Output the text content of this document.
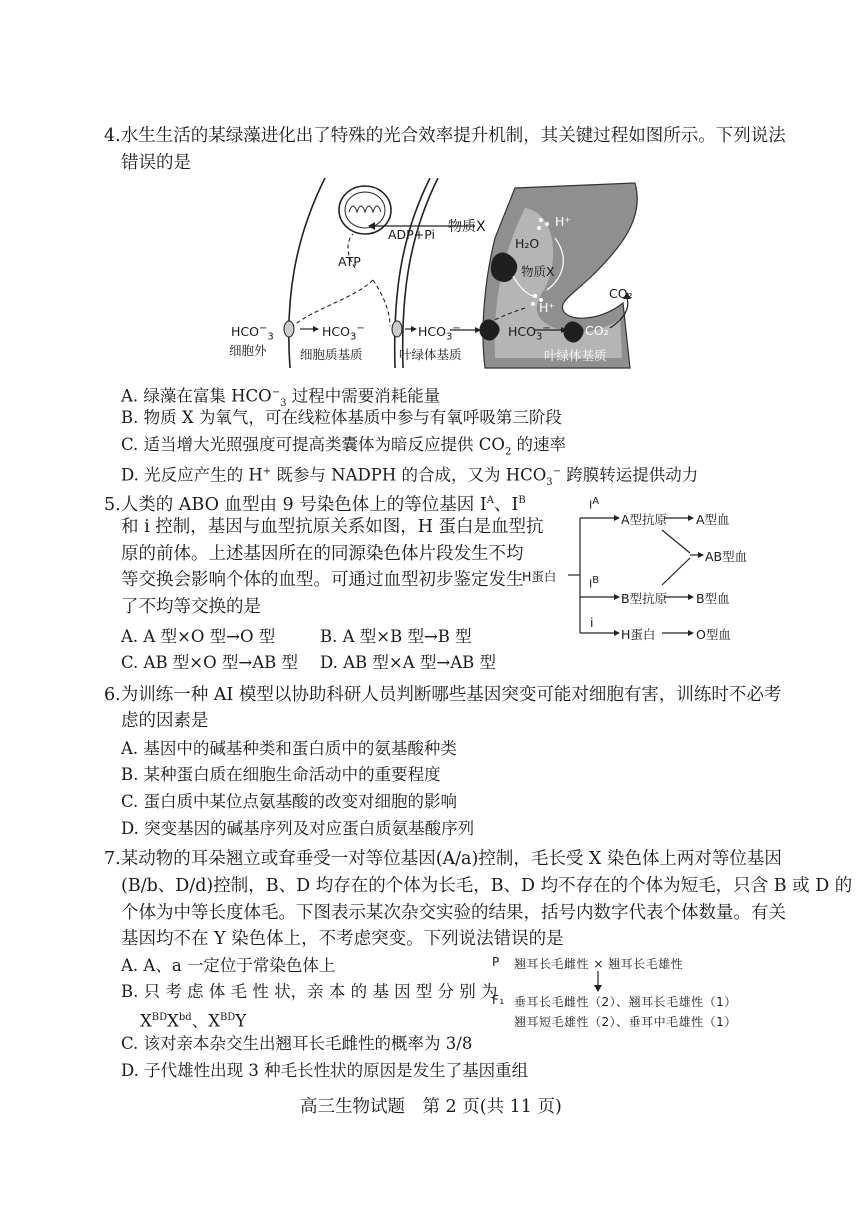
4.水生生活的某绿藻进化出了特殊的光合效率提升机制，其关键过程如图所示。下列说法
错误的是
物质X
ADP+Pi
ATP
$HCO^-_3$
细胞外
$HCO_3^-$
细胞质基质
$HCO_3^-$
叶绿体基质
H₂O
H⁺
物质X
H⁺
$HCO_3^-$	CO₂
CO₂
叶绿体基质
A. 绿藻在富集 $HCO^-_3$ 过程中需要消耗能量
B. 物质 X 为氧气，可在线粒体基质中参与有氧呼吸第三阶段
C. 适当增大光照强度可提高类囊体为暗反应提供 $CO_2$ 的速率
D. 光反应产生的 H+ 既参与 NADPH 的合成，又为 $HCO_3^-$ 跨膜转运提供动力
5.人类的 ABO 血型由 9 号染色体上的等位基因 $I^A$、$I^B$
和 i 控制，基因与血型抗原关系如图，H 蛋白是血型抗
原的前体。上述基因所在的同源染色体片段发生不均
等交换会影响个体的血型。可通过血型初步鉴定发生
了不均等交换的是
A. A 型×O 型→O 型	B. A 型×B 型→B 型
C. AB 型×O 型→AB 型 D. AB 型×A 型→AB 型
$I^A$
A型抗原 A型血
AB型血
H蛋白
$I^B$
B型抗原 B型血
i
H蛋白	O型血
6.为训练一种 AI 模型以协助科研人员判断哪些基因突变可能对细胞有害，训练时不必考
虑的因素是
A. 基因中的碱基种类和蛋白质中的氨基酸种类
B. 某种蛋白质在细胞生命活动中的重要程度
C. 蛋白质中某位点氨基酸的改变对细胞的影响
D. 突变基因的碱基序列及对应蛋白质氨基酸序列
7.某动物的耳朵翘立或耷垂受一对等位基因(A/a)控制，毛长受 X 染色体上两对等位基因
(B/b、D/d)控制，B、D 均存在的个体为长毛，B、D 均不存在的个体为短毛，只含 B 或 D 的
个体为中等长度体毛。下图表示某次杂交实验的结果，括号内数字代表个体数量。有关
基因均不在 Y 染色体上，不考虑突变。下列说法错误的是
A. A、a 一定位于常染色体上
B. 只 考 虑 体 毛 性 状，亲 本 的 基 因 型 分 别 为
$X^{BD}X^{bd}$、$X^{BD}Y$
C. 该对亲本杂交生出翘耳长毛雌性的概率为 3/8
D. 子代雄性出现 3 种毛长性状的原因是发生了基因重组
P 翘耳长毛雌性 × 翘耳长毛雄性
F₁ 垂耳长毛雌性（2）、翘耳长毛雄性（1）
翘耳短毛雄性（2）、垂耳中毛雄性（1）
高三生物试题　第 2 页(共 11 页)
